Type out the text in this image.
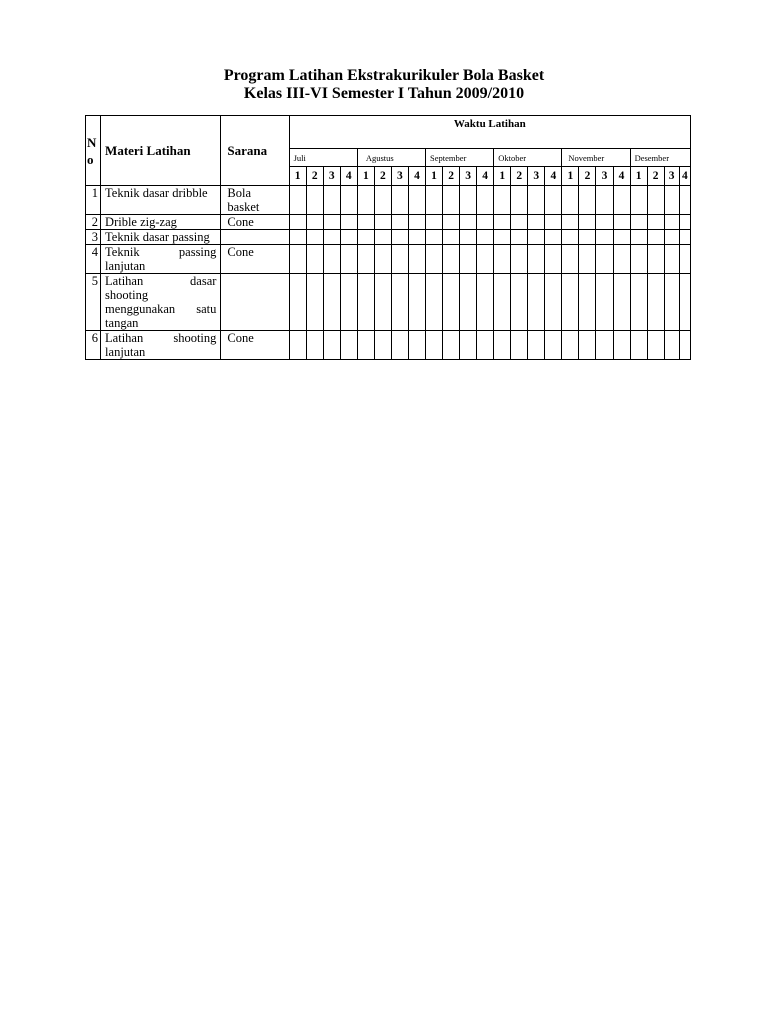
Program Latihan Ekstrakurikuler Bola Basket
Kelas III-VI Semester I Tahun 2009/2010
N
o	Materi Latihan	Sarana	Waktu Latihan																							
			Juli				Agustus				September				Oktober				November				Desember			
			1	2	3	4	1	2	3	4	1	2	3	4	1	2	3	4	1	2	3	4	1	2	3	4
1	Teknik dasar dribble	Bola basket																								
2	Drible zig-zag	Cone																								
3	Teknik dasar passing																									
4	Teknik passing lanjutan	Cone																								
5	Latihan dasar shooting menggunakan satu tangan																									
6	Latihan shooting lanjutan	Cone																								
